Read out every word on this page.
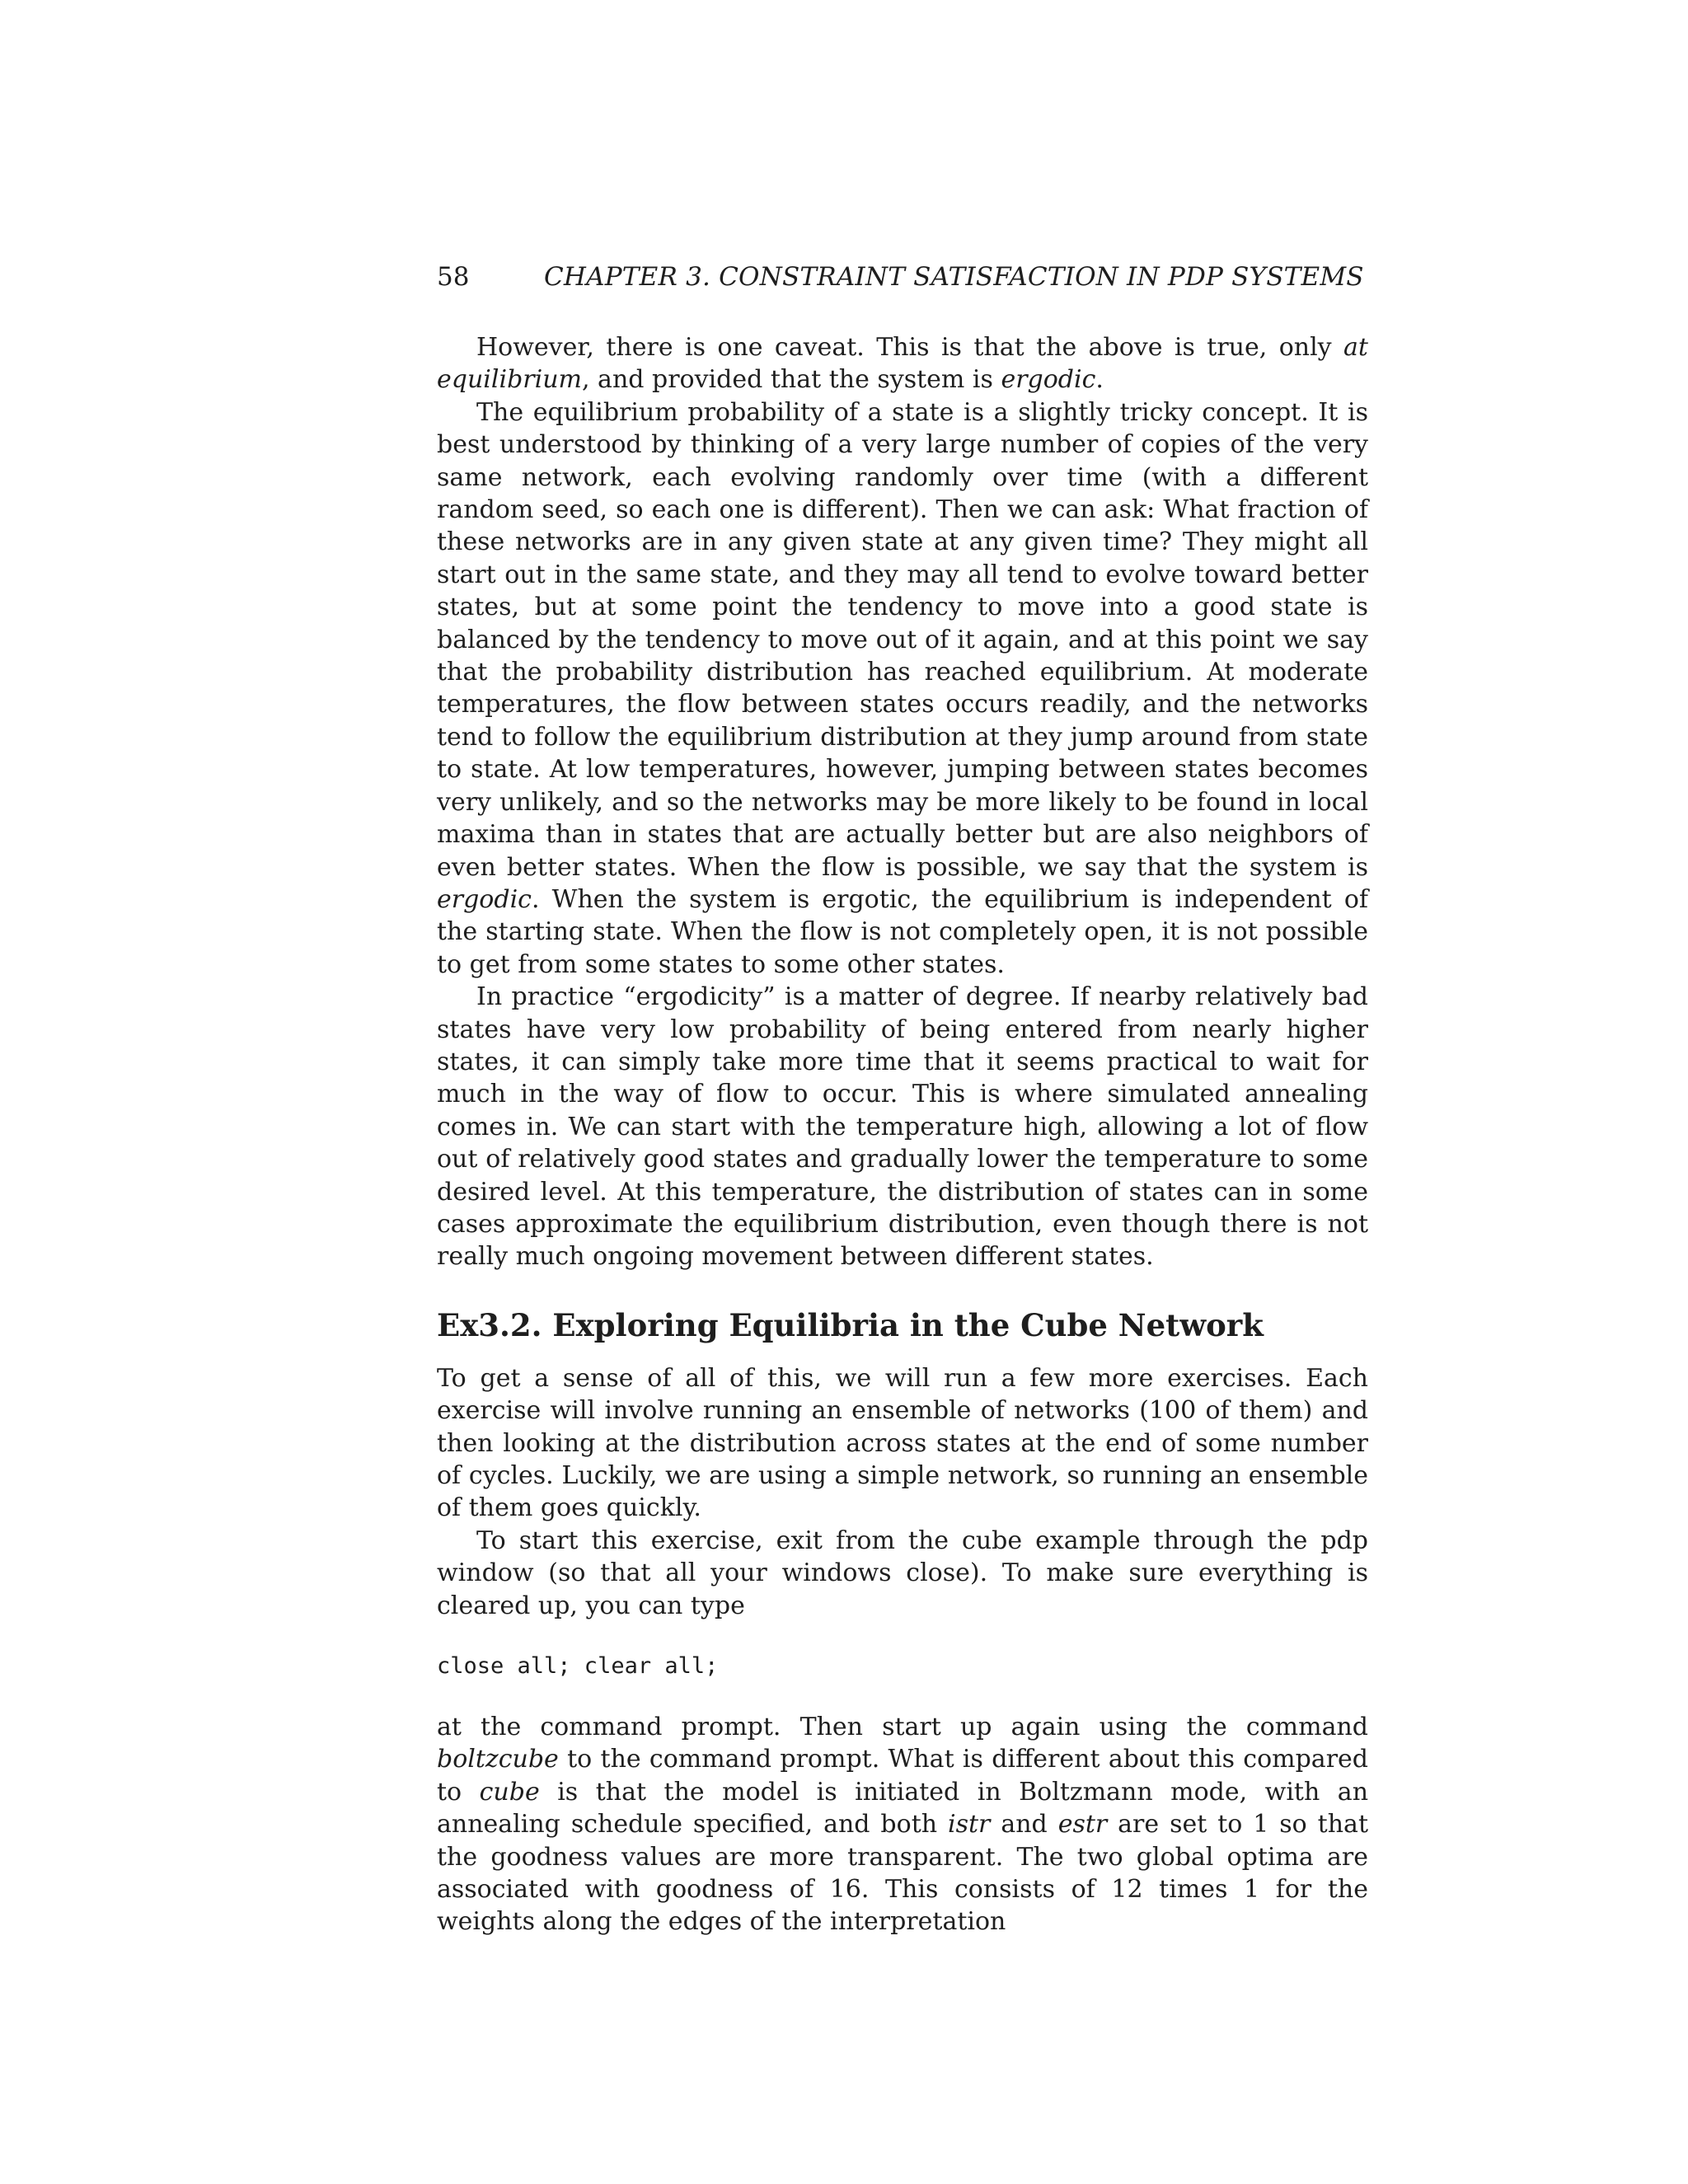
58	CHAPTER 3. CONSTRAINT SATISFACTION IN PDP SYSTEMS

However, there is one caveat. This is that the above is true, only at equilibrium, and provided that the system is ergodic.

The equilibrium probability of a state is a slightly tricky concept. It is best understood by thinking of a very large number of copies of the very same network, each evolving randomly over time (with a different random seed, so each one is different). Then we can ask: What fraction of these networks are in any given state at any given time? They might all start out in the same state, and they may all tend to evolve toward better states, but at some point the tendency to move into a good state is balanced by the tendency to move out of it again, and at this point we say that the probability distribution has reached equilibrium. At moderate temperatures, the flow between states occurs readily, and the networks tend to follow the equilibrium distribution at they jump around from state to state. At low temperatures, however, jumping between states becomes very unlikely, and so the networks may be more likely to be found in local maxima than in states that are actually better but are also neighbors of even better states. When the flow is possible, we say that the system is ergodic. When the system is ergotic, the equilibrium is independent of the starting state. When the flow is not completely open, it is not possible to get from some states to some other states.

In practice “ergodicity” is a matter of degree. If nearby relatively bad states have very low probability of being entered from nearly higher states, it can simply take more time that it seems practical to wait for much in the way of flow to occur. This is where simulated annealing comes in. We can start with the temperature high, allowing a lot of flow out of relatively good states and gradually lower the temperature to some desired level. At this temperature, the distribution of states can in some cases approximate the equilibrium distribution, even though there is not really much ongoing movement between different states.

Ex3.2. Exploring Equilibria in the Cube Network

To get a sense of all of this, we will run a few more exercises. Each exercise will involve running an ensemble of networks (100 of them) and then looking at the distribution across states at the end of some number of cycles. Luckily, we are using a simple network, so running an ensemble of them goes quickly.

To start this exercise, exit from the cube example through the pdp window (so that all your windows close). To make sure everything is cleared up, you can type

close all; clear all;

at the command prompt. Then start up again using the command boltzcube to the command prompt. What is different about this compared to cube is that the model is initiated in Boltzmann mode, with an annealing schedule specified, and both istr and estr are set to 1 so that the goodness values are more transparent. The two global optima are associated with goodness of 16. This consists of 12 times 1 for the weights along the edges of the interpretation
